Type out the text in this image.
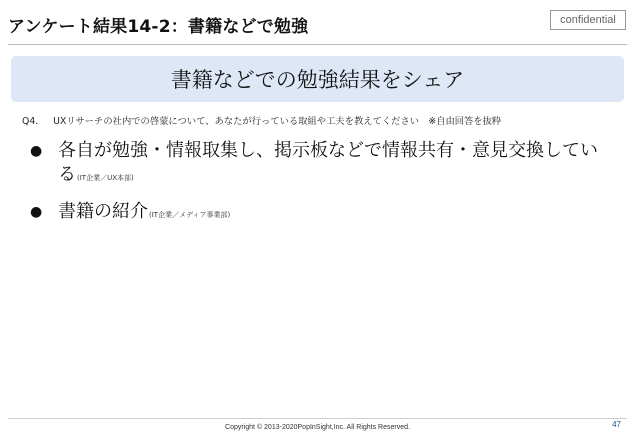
アンケート結果14-2：書籍などで勉強	confidential
書籍などでの勉強結果をシェア
Q4. UXリサーチの社内での啓蒙について、あなたが行っている取組や工夫を教えてください　※自由回答を抜粋
● 各自が勉強・情報取集し、掲示板などで情報共有・意見交換している(IT企業／UX本部)
● 書籍の紹介(IT企業／メディア事業部)
Copyright © 2013-2020PopInSight,Inc. All Rights Reserved.	47
